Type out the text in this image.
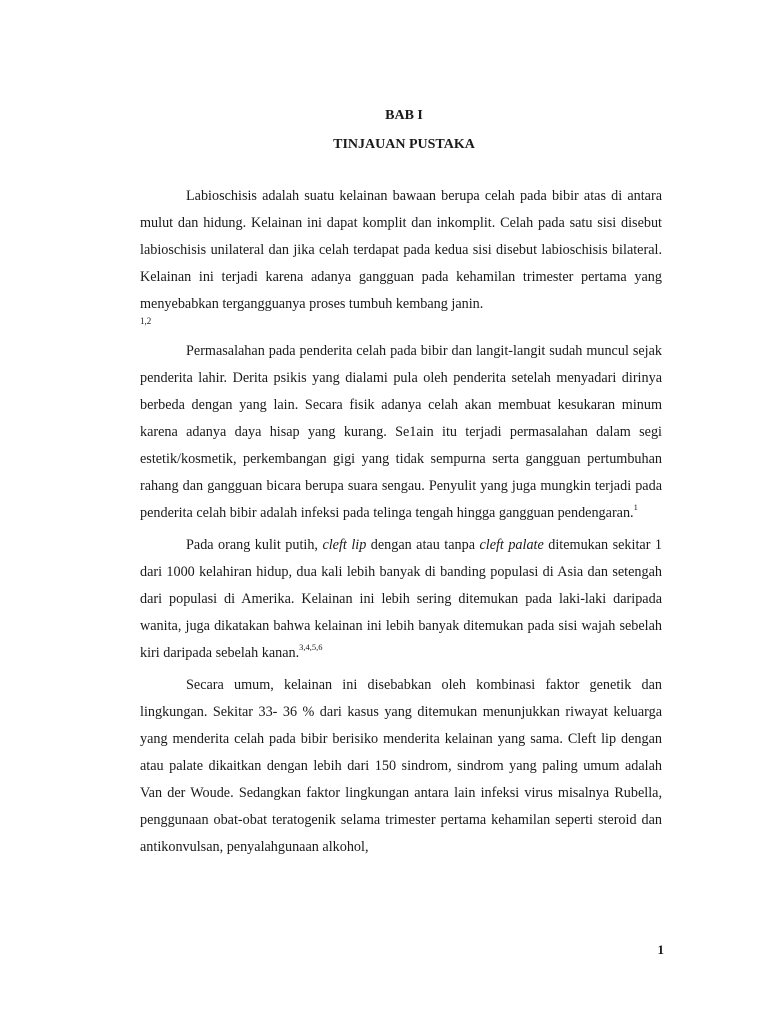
BAB I
TINJAUAN PUSTAKA

Labioschisis adalah suatu kelainan bawaan berupa celah pada bibir atas di antara mulut dan hidung. Kelainan ini dapat komplit dan inkomplit. Celah pada satu sisi disebut labioschisis unilateral dan jika celah terdapat pada kedua sisi disebut labioschisis bilateral. Kelainan ini terjadi karena adanya gangguan pada kehamilan trimester pertama yang menyebabkan tergangguanya proses tumbuh kembang janin.

1,2

Permasalahan pada penderita celah pada bibir dan langit-langit sudah muncul sejak penderita lahir. Derita psikis yang dialami pula oleh penderita setelah menyadari dirinya berbeda dengan yang lain. Secara fisik adanya celah akan membuat kesukaran minum karena adanya daya hisap yang kurang. Se1ain itu terjadi permasalahan dalam segi estetik/kosmetik, perkembangan gigi yang tidak sempurna serta gangguan pertumbuhan rahang dan gangguan bicara berupa suara sengau. Penyulit yang juga mungkin terjadi pada penderita celah bibir adalah infeksi pada telinga tengah hingga gangguan pendengaran.$^1$

Pada orang kulit putih, cleft lip dengan atau tanpa cleft palate ditemukan sekitar 1 dari 1000 kelahiran hidup, dua kali lebih banyak di banding populasi di Asia dan setengah dari populasi di Amerika. Kelainan ini lebih sering ditemukan pada laki-laki daripada wanita, juga dikatakan bahwa kelainan ini lebih banyak ditemukan pada sisi wajah sebelah kiri daripada sebelah kanan.$^{3,4,5,6}$

Secara umum, kelainan ini disebabkan oleh kombinasi faktor genetik dan lingkungan. Sekitar 33- 36 % dari kasus yang ditemukan menunjukkan riwayat keluarga yang menderita celah pada bibir berisiko menderita kelainan yang sama. Cleft lip dengan atau palate dikaitkan dengan lebih dari 150 sindrom, sindrom yang paling umum adalah Van der Woude. Sedangkan faktor lingkungan antara lain infeksi virus misalnya Rubella, penggunaan obat-obat teratogenik selama trimester pertama kehamilan seperti steroid dan antikonvulsan, penyalahgunaan alkohol,

1
